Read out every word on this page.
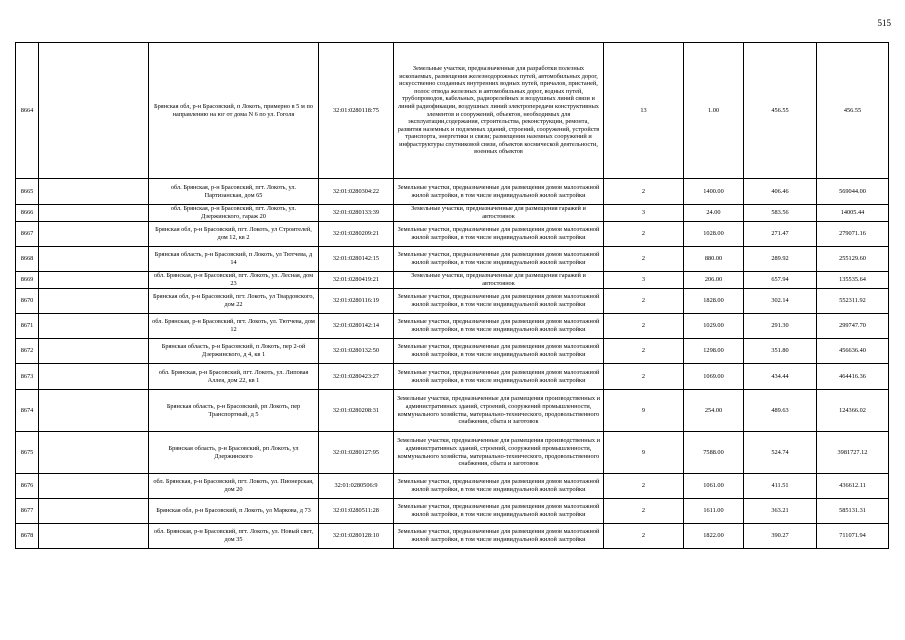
515
8664		Брянская обл, р-н Брасовский, п Локоть, примерно в 5 м по направлению на юг от дома N 6 по ул. Гоголя	32:01:0280118:75	Земельные участки, предназначенные для разработки полезных ископаемых, размещения железнодорожных путей, автомобильных дорог, искусственно созданных внутренних водных путей, причалов, пристаней, полос отвода железных и автомобильных дорог, водных путей, трубопроводов, кабельных, радиорелейных и воздушных линий связи и линий радиофикации, воздушных линий электропередачи конструктивных элементов и сооружений, объектов, необходимых для эксплуатации,содержания, строительства, реконструкции, ремонта, развития наземных и подземных зданий, строений, сооружений, устройств транспорта, энергетики и связи; размещения наземных сооружений и инфраструктуры спутниковой связи, объектов космической деятельности, военных объектов	13	1.00	456.55	456.55
8665		обл. Брянская, р-н Брасовский, пгт. Локоть, ул. Партизанская, дом 65	32:01:0280304:22	Земельные участки, предназначенные для размещения домов малоэтажной жилой застройки, в том числе индивидуальной жилой застройки	2	1400.00	406.46	569044.00
8666		обл. Брянская, р-н Брасовский, пгт. Локоть, ул. Дзержинского, гараж 20	32:01:0280133:39	Земельные участки, предназначенные для размещения гаражей и автостоянок	3	24.00	583.56	14005.44
8667		Брянская обл, р-н Брасовский, пгт. Локоть, ул Строителей, дом 12, кв 2	32:01:0280209:21	Земельные участки, предназначенные для размещения домов малоэтажной жилой застройки, в том числе индивидуальной жилой застройки	2	1028.00	271.47	279071.16
8668		Брянская область, р-н Брасовский, п Локоть, ул Тютчева, д 14	32:01:0280142:15	Земельные участки, предназначенные для размещения домов малоэтажной жилой застройки, в том числе индивидуальной жилой застройки	2	880.00	289.92	255129.60
8669		обл. Брянская, р-н Брасовский, пгт. Локоть, ул. Лесная, дом 23	32:01:0280419:21	Земельные участки, предназначенные для размещения гаражей и автостоянок	3	206.00	657.94	135535.64
8670		Брянская обл, р-н Брасовский, пгт. Локоть, ул Твардовского, дом 22	32:01:0280116:19	Земельные участки, предназначенные для размещения домов малоэтажной жилой застройки, в том числе индивидуальной жилой застройки	2	1828.00	302.14	552311.92
8671		обл. Брянская, р-н Брасовский, пгт. Локоть, ул. Тютчева, дом 12	32:01:0280142:14	Земельные участки, предназначенные для размещения домов малоэтажной жилой застройки, в том числе индивидуальной жилой застройки	2	1029.00	291.30	299747.70
8672		Брянская область, р-н Брасовский, п Локоть, пер 2-ой Дзержинского, д 4, кв 1	32:01:0280132:50	Земельные участки, предназначенные для размещения домов малоэтажной жилой застройки, в том числе индивидуальной жилой застройки	2	1298.00	351.80	456636.40
8673		обл. Брянская, р-н Брасовский, пгт. Локоть, ул. Липовая Аллея, дом 22, кв 1	32:01:0280423:27	Земельные участки, предназначенные для размещения домов малоэтажной жилой застройки, в том числе индивидуальной жилой застройки	2	1069.00	434.44	464416.36
8674		Брянская область, р-н Брасовский, рп Локоть, пер Транспортный, д 5	32:01:0280208:31	Земельные участки, предназначенные для размещения производственных и административных зданий, строений, сооружений промышленности, коммунального хозяйства, материально-технического, продовольственного снабжения, сбыта и заготовок	9	254.00	489.63	124366.02
8675		Брянская область, р-н Брасовский, рп Локоть, ул Дзержинского	32:01:0280127:95	Земельные участки, предназначенные для размещения производственных и административных зданий, строений, сооружений промышленности, коммунального хозяйства, материально-технического, продовольственного снабжения, сбыта и заготовок	9	7588.00	524.74	3981727.12
8676		обл. Брянская, р-н Брасовский, пгт. Локоть, ул. Пионерская, дом 20	32:01:0280506:9	Земельные участки, предназначенные для размещения домов малоэтажной жилой застройки, в том числе индивидуальной жилой застройки	2	1061.00	411.51	436612.11
8677		Брянская обл, р-н Брасовский, п Локоть, ул Маркова, д 73	32:01:0280511:28	Земельные участки, предназначенные для размещения домов малоэтажной жилой застройки, в том числе индивидуальной жилой застройки	2	1611.00	363.21	585131.31
8678		обл. Брянская, р-н Брасовский, пгт. Локоть, ул. Новый свет, дом 35	32:01:0280128:10	Земельные участки, предназначенные для размещения домов малоэтажной жилой застройки, в том числе индивидуальной жилой застройки	2	1822.00	390.27	711071.94
